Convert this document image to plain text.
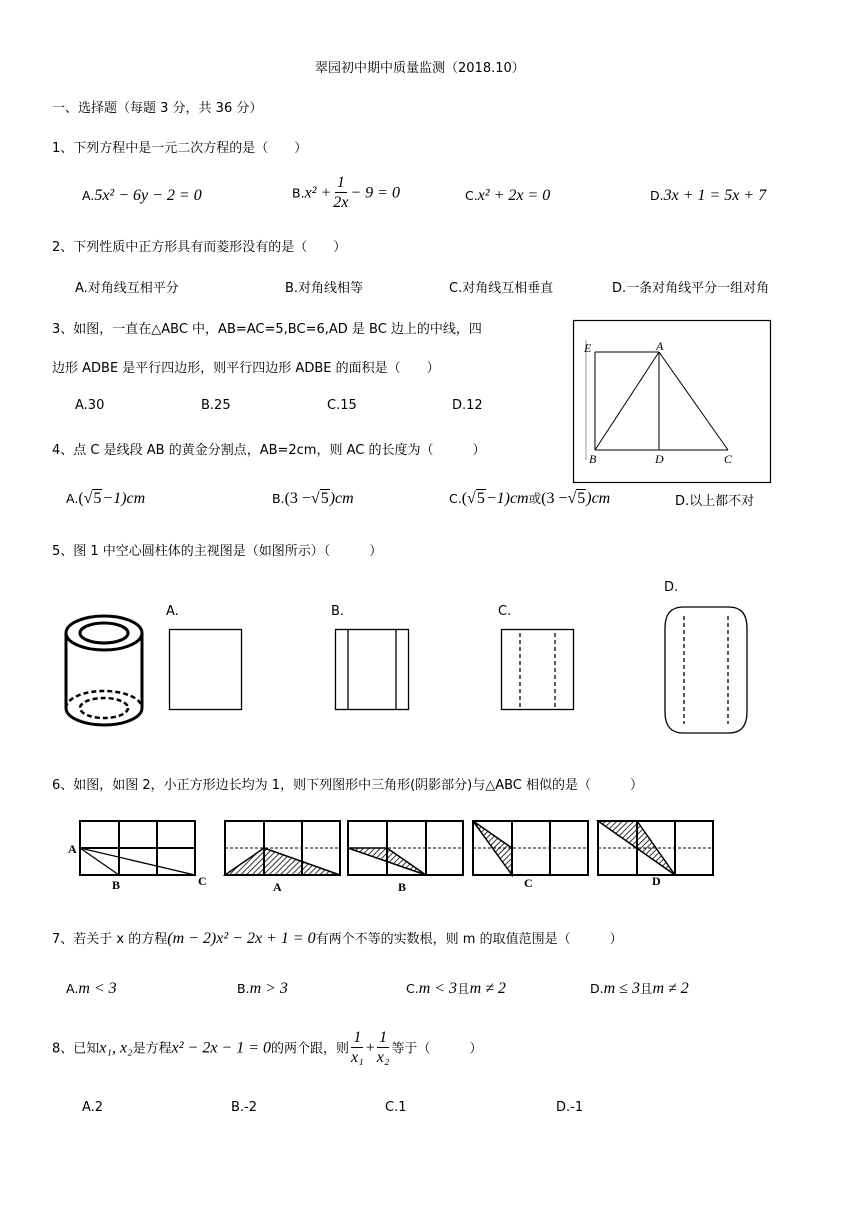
翠园初中期中质量监测（2018.10）
一、选择题（每题 3 分，共 36 分）
1、下列方程中是一元二次方程的是（　　）
A.5x² − 6y − 2 = 0	$B.x^2 + \frac{1}{2x} - 9 = 0$	C.x² + 2x = 0	D.3x + 1 = 5x + 7
2、下列性质中正方形具有而菱形没有的是（　　）
A.对角线互相平分	B.对角线相等	C.对角线互相垂直	D.一条对角线平分一组对角
3、如图，一直在△ABC 中，AB=AC=5,BC=6,AD 是 BC 边上的中线，四
边形 ADBE 是平行四边形，则平行四边形 ADBE 的面积是（　　）
A.30	B.25	C.15	D.12
E	A
B	D	C
4、点 C 是线段 AB 的黄金分割点，AB=2cm，则 AC 的长度为（　　　）
A.(√5−1)cm	B.(3 −√5)cm	C.(√5−1)cm或(3 −√5)cm	D.以上都不对
5、图 1 中空心圆柱体的主视图是（如图所示）（　　　）
A.	B.	C.
D.
6、如图，如图 2，小正方形边长均为 1，则下列图形中三角形(阴影部分)与△ABC 相似的是（　　　）
A
B	C	A	B	C	D
7、若关于 x 的方程(m − 2)x² − 2x + 1 = 0有两个不等的实数根，则 m 的取值范围是（　　　）
A.m < 3	B.m > 3	C.m < 3且m ≠ 2	D.m ≤ 3且m ≠ 2
8、已知x₁, x₂是方程x² − 2x − 1 = 0的两个跟，则 $\frac{1}{\text{x₁}} + \frac{1}{\text{x₂}}$ 等于（　　　）
A.2	B.-2	C.1	D.-1
